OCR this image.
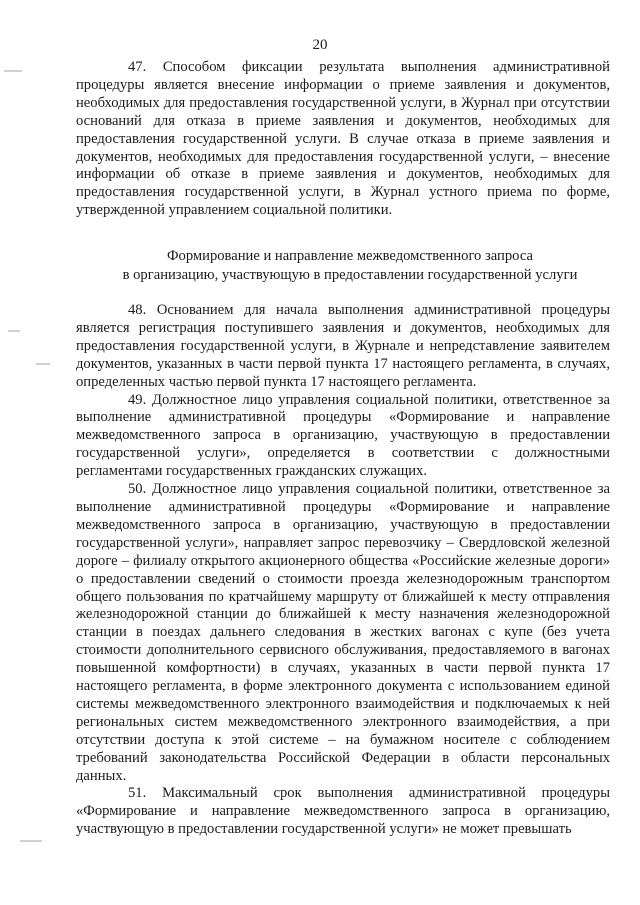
20

47. Способом фиксации результата выполнения административной процедуры является внесение информации о приеме заявления и документов, необходимых для предоставления государственной услуги, в Журнал при отсутствии оснований для отказа в приеме заявления и документов, необходимых для предоставления государственной услуги. В случае отказа в приеме заявления и документов, необходимых для предоставления государственной услуги, – внесение информации об отказе в приеме заявления и документов, необходимых для предоставления государственной услуги, в Журнал устного приема по форме, утвержденной управлением социальной политики.

Формирование и направление межведомственного запроса
в организацию, участвующую в предоставлении государственной услуги

48. Основанием для начала выполнения административной процедуры является регистрация поступившего заявления и документов, необходимых для предоставления государственной услуги, в Журнале и непредставление заявителем документов, указанных в части первой пункта 17 настоящего регламента, в случаях, определенных частью первой пункта 17 настоящего регламента.

49. Должностное лицо управления социальной политики, ответственное за выполнение административной процедуры «Формирование и направление межведомственного запроса в организацию, участвующую в предоставлении государственной услуги», определяется в соответствии с должностными регламентами государственных гражданских служащих.

50. Должностное лицо управления социальной политики, ответственное за выполнение административной процедуры «Формирование и направление межведомственного запроса в организацию, участвующую в предоставлении государственной услуги», направляет запрос перевозчику – Свердловской железной дороге – филиалу открытого акционерного общества «Российские железные дороги» о предоставлении сведений о стоимости проезда железнодорожным транспортом общего пользования по кратчайшему маршруту от ближайшей к месту отправления железнодорожной станции до ближайшей к месту назначения железнодорожной станции в поездах дальнего следования в жестких вагонах с купе (без учета стоимости дополнительного сервисного обслуживания, предоставляемого в вагонах повышенной комфортности) в случаях, указанных в части первой пункта 17 настоящего регламента, в форме электронного документа с использованием единой системы межведомственного электронного взаимодействия и подключаемых к ней региональных систем межведомственного электронного взаимодействия, а при отсутствии доступа к этой системе – на бумажном носителе с соблюдением требований законодательства Российской Федерации в области персональных данных.

51. Максимальный срок выполнения административной процедуры «Формирование и направление межведомственного запроса в организацию, участвующую в предоставлении государственной услуги» не может превышать
